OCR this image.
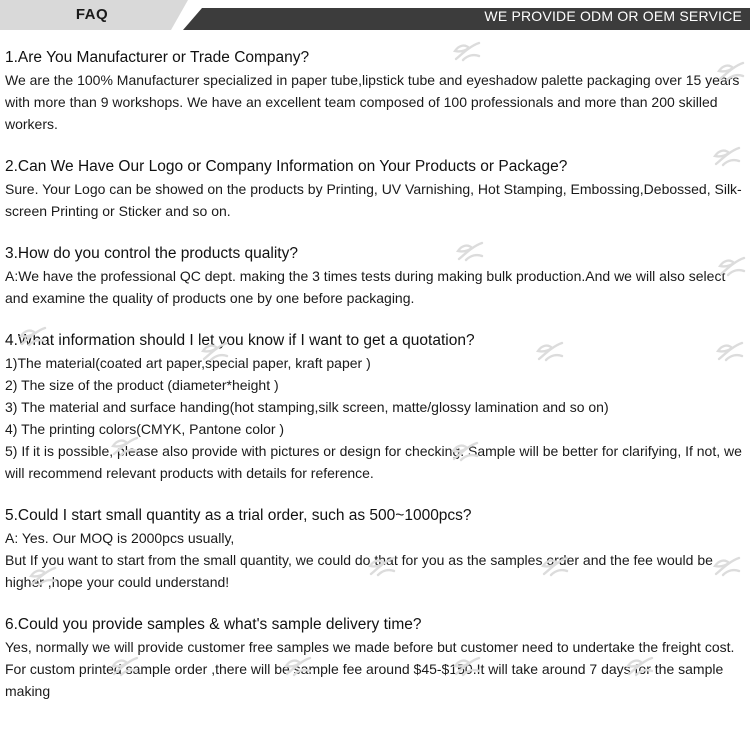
FAQ	WE PROVIDE ODM OR OEM SERVICE

1.Are You Manufacturer or Trade Company?

We are the 100% Manufacturer specialized in paper tube,lipstick tube and eyeshadow palette packaging over 15 years with more than 9 workshops. We have an excellent team composed of 100 professionals and more than 200 skilled workers.

2.Can We Have Our Logo or Company Information on Your Products or Package?

Sure. Your Logo can be showed on the products by Printing, UV Varnishing, Hot Stamping, Embossing,Debossed, Silk-screen Printing or Sticker and so on.

3.How do you control the products quality?

A:We have the professional QC dept. making the 3 times tests during making bulk production.And we will also select and examine the quality of products one by one before packaging.

4.What information should I let you know if I want to get a quotation?

1)The material(coated art paper,special paper, kraft paper )

2) The size of the product (diameter*height )

3) The material and surface handing(hot stamping,silk screen, matte/glossy lamination and so on)

4) The printing colors(CMYK, Pantone color )

5) If it is possible, please also provide with pictures or design for checking. Sample will be better for clarifying, If not, we will recommend relevant products with details for reference.

5.Could I start small quantity as a trial order, such as 500~1000pcs?

A: Yes. Our MOQ is 2000pcs usually,

But If you want to start from the small quantity, we could do that for you as the samples order and the fee would be higher ,hope your could understand!

6.Could you provide samples & what's sample delivery time?

Yes, normally we will provide customer free samples we made before but customer need to undertake the freight cost.

For custom printed sample order ,there will be sample fee around $45-$150.It will take around 7 days for the sample making
